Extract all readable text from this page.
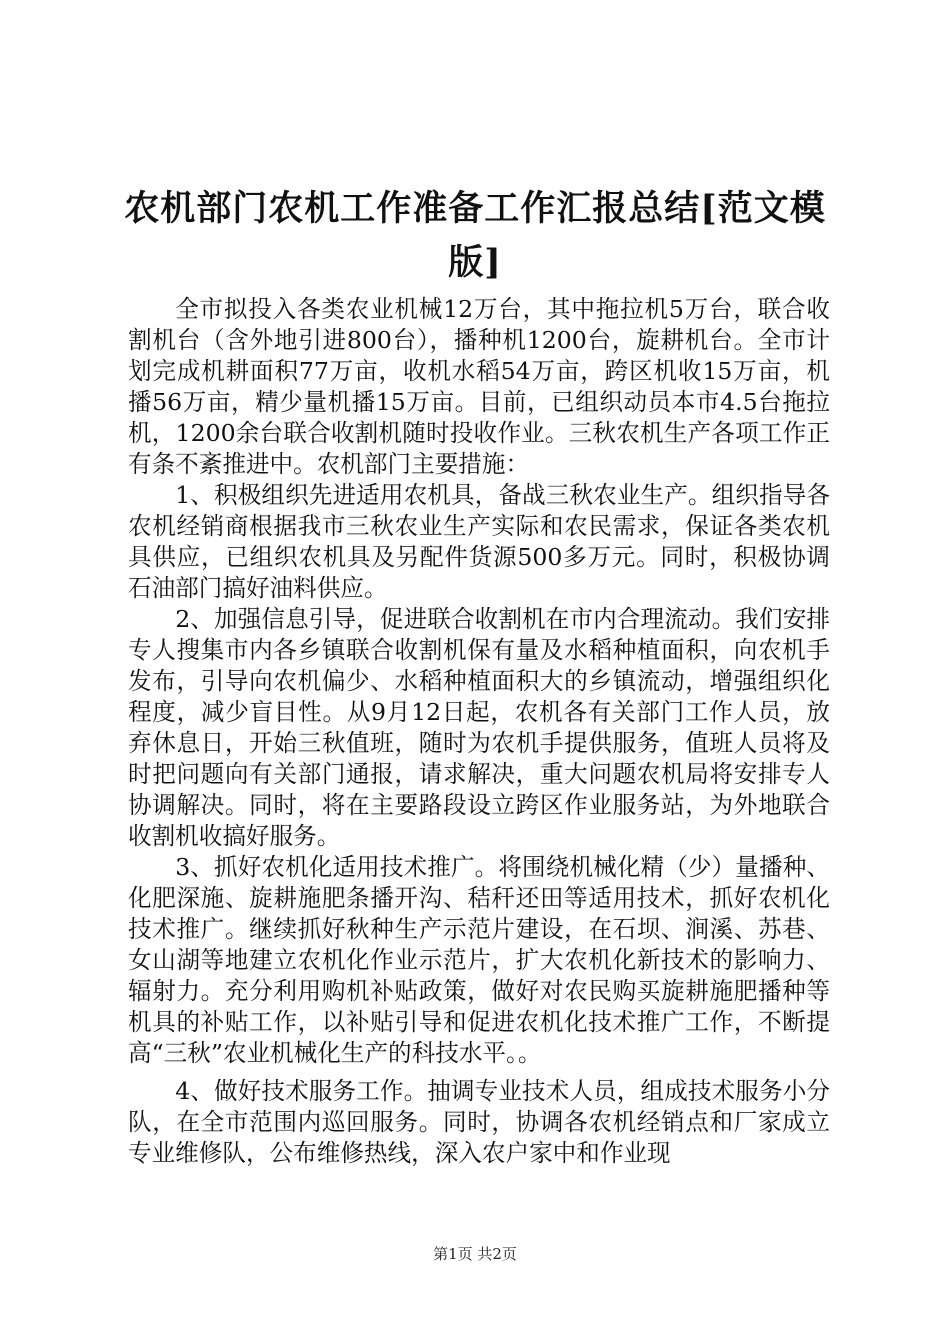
农机部门农机工作准备工作汇报总结[范文模版]

全市拟投入各类农业机械12万台，其中拖拉机5万台，联合收割机台（含外地引进800台），播种机1200台，旋耕机台。全市计划完成机耕面积77万亩，收机水稻54万亩，跨区机收15万亩，机播56万亩，精少量机播15万亩。目前，已组织动员本市4.5台拖拉机，1200余台联合收割机随时投收作业。三秋农机生产各项工作正有条不紊推进中。农机部门主要措施：

1、积极组织先进适用农机具，备战三秋农业生产。组织指导各农机经销商根据我市三秋农业生产实际和农民需求，保证各类农机具供应，已组织农机具及另配件货源500多万元。同时，积极协调石油部门搞好油料供应。

2、加强信息引导，促进联合收割机在市内合理流动。我们安排专人搜集市内各乡镇联合收割机保有量及水稻种植面积，向农机手发布，引导向农机偏少、水稻种植面积大的乡镇流动，增强组织化程度，减少盲目性。从9月12日起，农机各有关部门工作人员，放弃休息日，开始三秋值班，随时为农机手提供服务，值班人员将及时把问题向有关部门通报，请求解决，重大问题农机局将安排专人协调解决。同时，将在主要路段设立跨区作业服务站，为外地联合收割机收搞好服务。

3、抓好农机化适用技术推广。将围绕机械化精（少）量播种、化肥深施、旋耕施肥条播开沟、秸秆还田等适用技术，抓好农机化技术推广。继续抓好秋种生产示范片建设，在石坝、涧溪、苏巷、女山湖等地建立农机化作业示范片，扩大农机化新技术的影响力、辐射力。充分利用购机补贴政策，做好对农民购买旋耕施肥播种等机具的补贴工作，以补贴引导和促进农机化技术推广工作，不断提高“三秋”农业机械化生产的科技水平。。

4、做好技术服务工作。抽调专业技术人员，组成技术服务小分队，在全市范围内巡回服务。同时，协调各农机经销点和厂家成立专业维修队，公布维修热线，深入农户家中和作业现

第1页 共2页
